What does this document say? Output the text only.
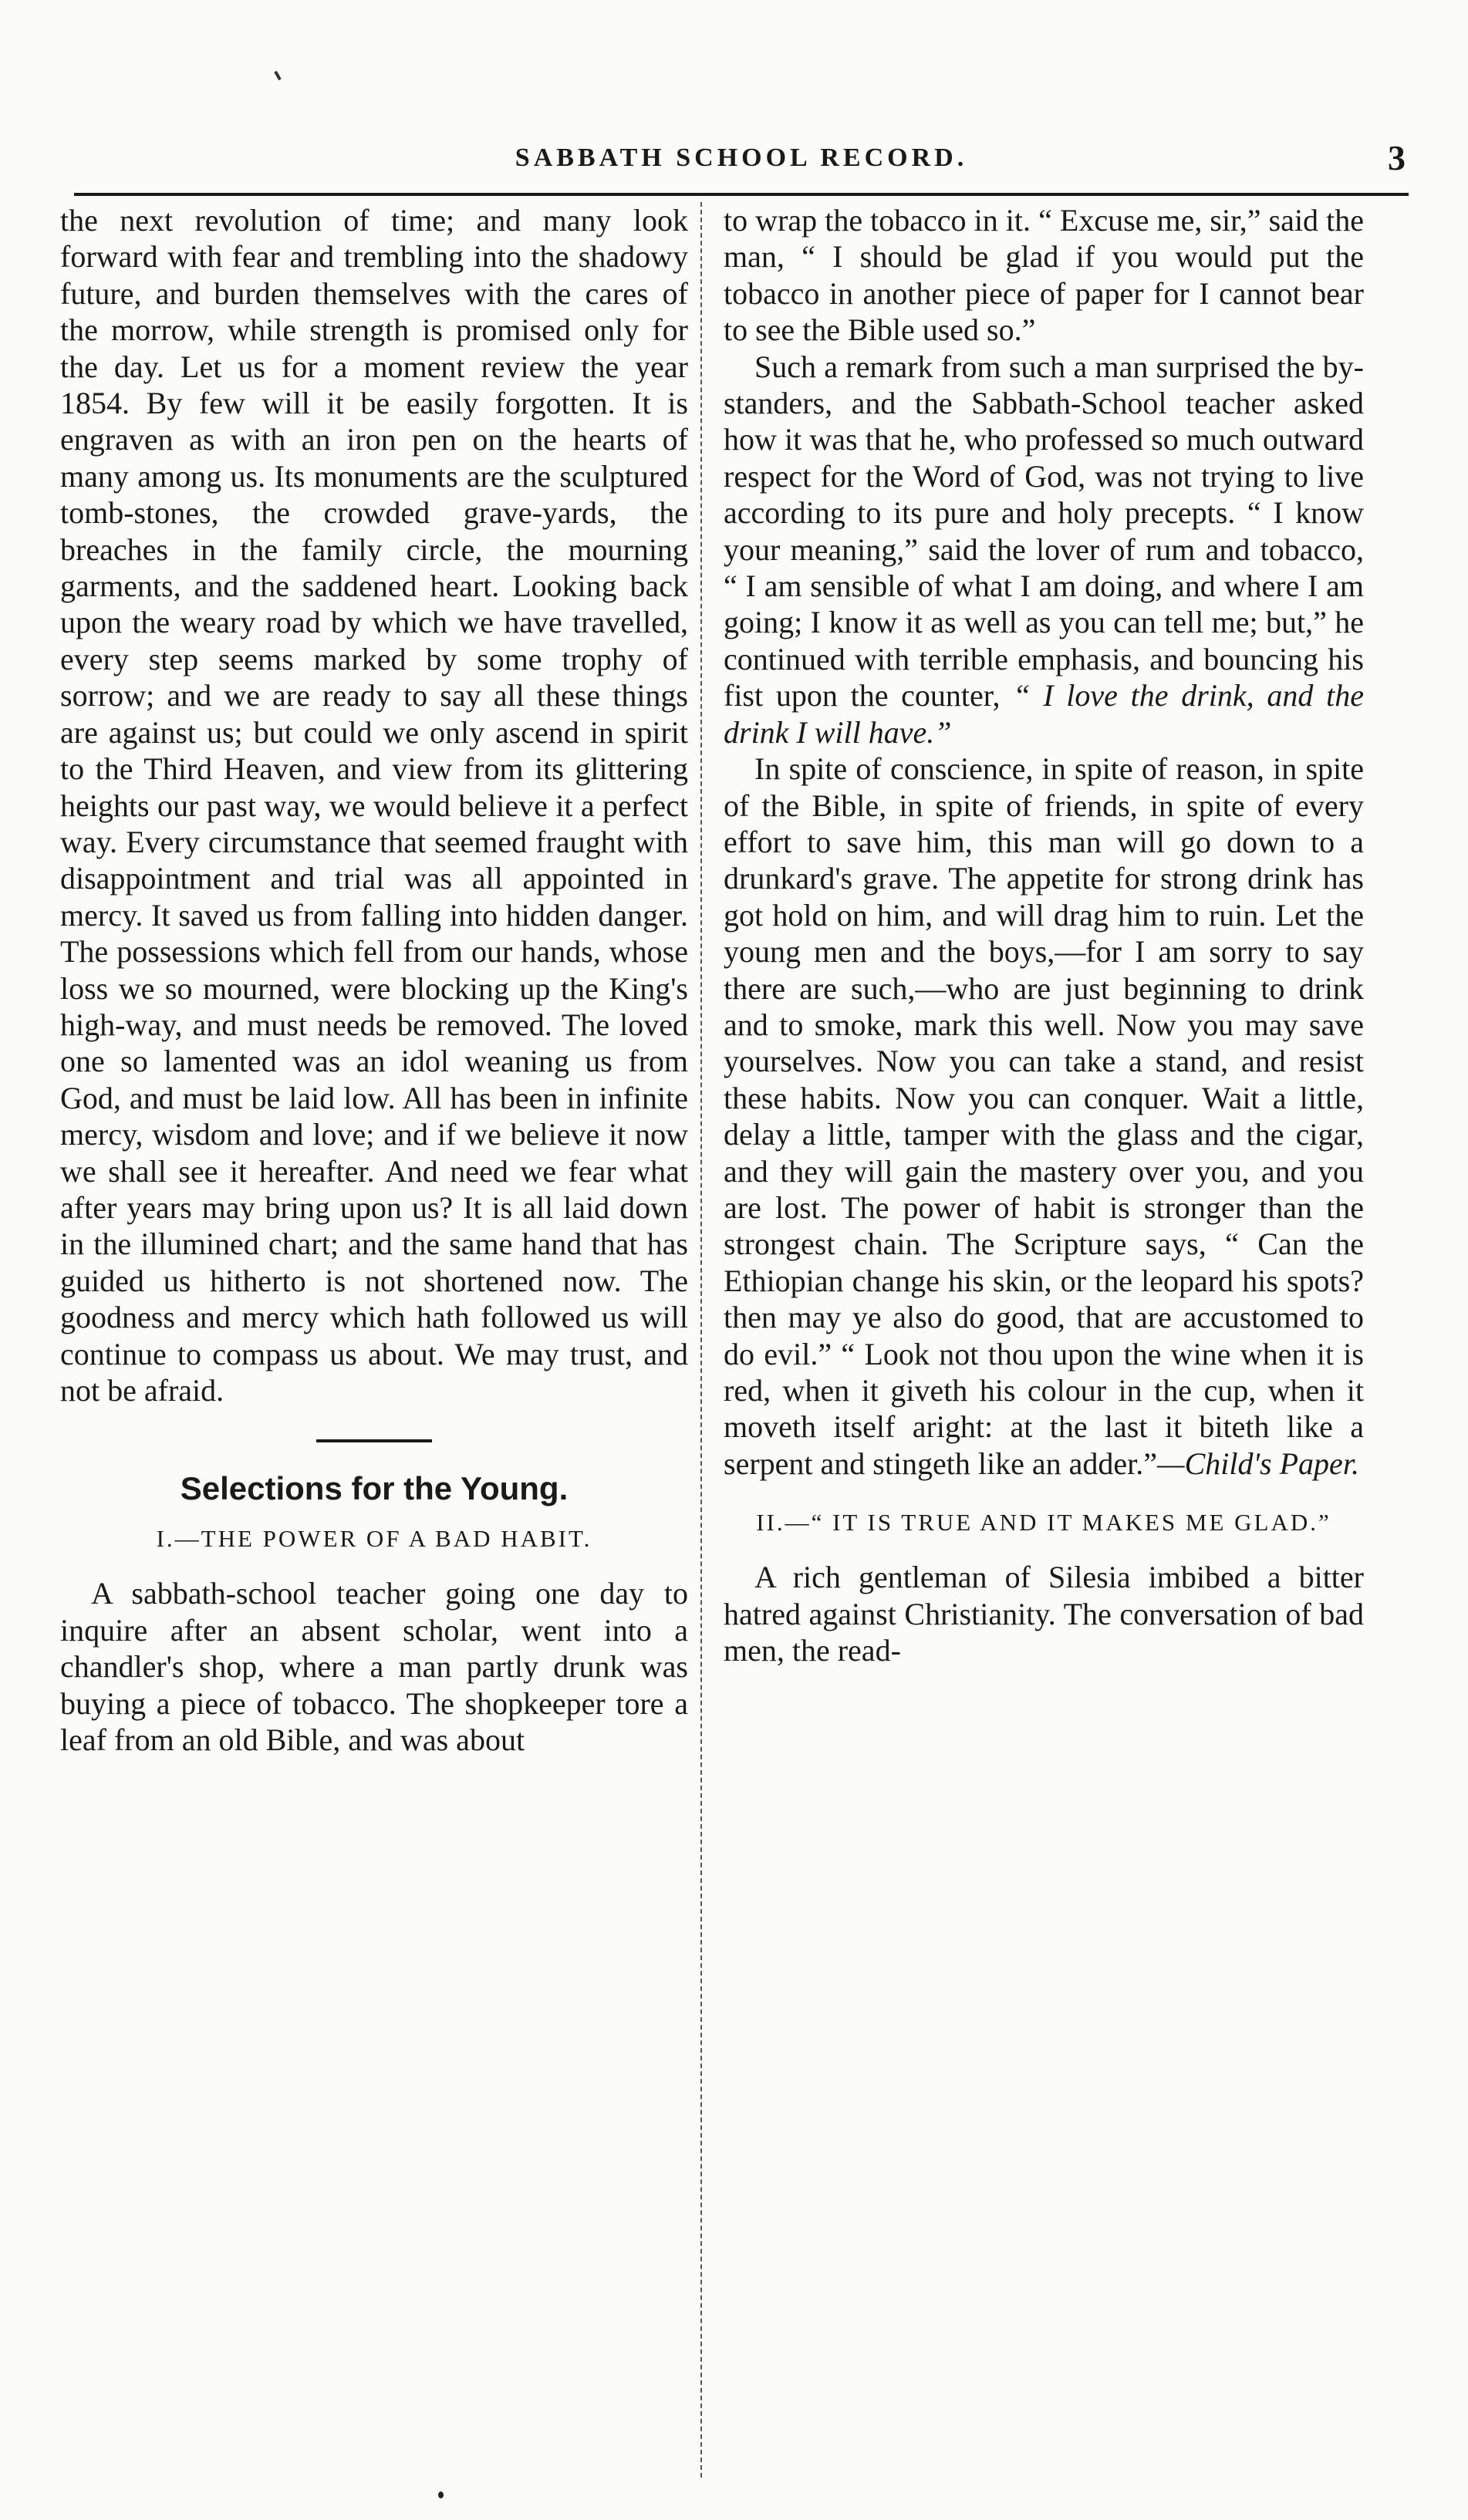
SABBATH SCHOOL RECORD.	3

the next revolution of time; and many look forward with fear and trembling into the shadowy future, and burden themselves with the cares of the morrow, while strength is promised only for the day. Let us for a moment review the year 1854. By few will it be easily forgotten. It is engraven as with an iron pen on the hearts of many among us. Its monuments are the sculptured tomb-stones, the crowded grave-yards, the breaches in the family circle, the mourning garments, and the saddened heart. Looking back upon the weary road by which we have travelled, every step seems marked by some trophy of sorrow; and we are ready to say all these things are against us; but could we only ascend in spirit to the Third Heaven, and view from its glittering heights our past way, we would believe it a perfect way. Every circumstance that seemed fraught with disappointment and trial was all appointed in mercy. It saved us from falling into hidden danger. The possessions which fell from our hands, whose loss we so mourned, were blocking up the King's high-way, and must needs be removed. The loved one so lamented was an idol weaning us from God, and must be laid low. All has been in infinite mercy, wisdom and love; and if we believe it now we shall see it hereafter. And need we fear what after years may bring upon us? It is all laid down in the illumined chart; and the same hand that has guided us hitherto is not shortened now. The goodness and mercy which hath followed us will continue to compass us about. We may trust, and not be afraid.

Selections for the Young.
I.—THE POWER OF A BAD HABIT.

A sabbath-school teacher going one day to inquire after an absent scholar, went into a chandler's shop, where a man partly drunk was buying a piece of tobacco. The shopkeeper tore a leaf from an old Bible, and was about

to wrap the tobacco in it. “ Excuse me, sir,” said the man, “ I should be glad if you would put the tobacco in another piece of paper for I cannot bear to see the Bible used so.”

Such a remark from such a man surprised the by-standers, and the Sabbath-School teacher asked how it was that he, who professed so much outward respect for the Word of God, was not trying to live according to its pure and holy precepts. “ I know your meaning,” said the lover of rum and tobacco, “ I am sensible of what I am doing, and where I am going; I know it as well as you can tell me; but,” he continued with terrible emphasis, and bouncing his fist upon the counter, “ I love the drink, and the drink I will have.”

In spite of conscience, in spite of reason, in spite of the Bible, in spite of friends, in spite of every effort to save him, this man will go down to a drunkard's grave. The appetite for strong drink has got hold on him, and will drag him to ruin. Let the young men and the boys,—for I am sorry to say there are such,—who are just beginning to drink and to smoke, mark this well. Now you may save yourselves. Now you can take a stand, and resist these habits. Now you can conquer. Wait a little, delay a little, tamper with the glass and the cigar, and they will gain the mastery over you, and you are lost. The power of habit is stronger than the strongest chain. The Scripture says, “ Can the Ethiopian change his skin, or the leopard his spots? then may ye also do good, that are accustomed to do evil.” “ Look not thou upon the wine when it is red, when it giveth his colour in the cup, when it moveth itself aright: at the last it biteth like a serpent and stingeth like an adder.”—Child's Paper.

II.—“ IT IS TRUE AND IT MAKES ME GLAD.”

A rich gentleman of Silesia imbibed a bitter hatred against Christianity. The conversation of bad men, the read-
